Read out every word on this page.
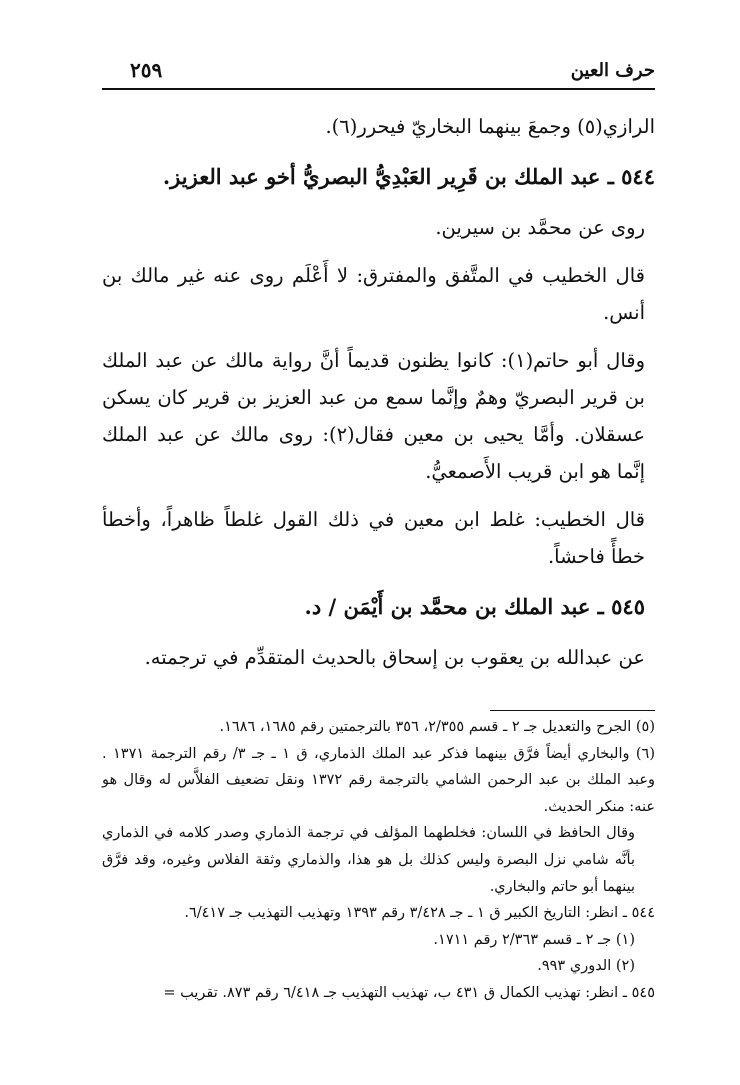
حرف العين
٢٥٩

الرازي(٥) وجمعَ بينهما البخاريّ فيحرر(٦).

٥٤٤ ـ عبد الملك بن قَرِير العَبْدِيُّ البصريُّ أخو عبد العزيز.

روى عن محمَّد بن سيرين.

قال الخطيب في المتَّفق والمفترق: لا أَعْلَم روى عنه غير مالك بن أنس.

وقال أبو حاتم(١): كانوا يظنون قديماً أنَّ رواية مالك عن عبد الملك بن قرير البصريّ وهمٌ وإنَّما سمع من عبد العزيز بن قرير كان يسكن عسقلان. وأمَّا يحيى بن معين فقال(٢): روى مالك عن عبد الملك إنَّما هو ابن قريب الأَصمعيُّ.

قال الخطيب: غلط ابن معين في ذلك القول غلطاً ظاهراً، وأخطأ خطأً فاحشاً.

٥٤٥ ـ عبد الملك بن محمَّد بن أَيْمَن / د.

عن عبدالله بن يعقوب بن إسحاق بالحديث المتقدِّم في ترجمته.

(٥) الجرح والتعديل جـ ٢ ـ قسم ٢/٣٥٥، ٣٥٦ بالترجمتين رقم ١٦٨٥، ١٦٨٦.

(٦) والبخاري أيضاً فرَّق بينهما فذكر عبد الملك الذماري، ق ١ ـ جـ ٣/ رقم الترجمة ١٣٧١ . وعبد الملك بن عبد الرحمن الشامي بالترجمة رقم ١٣٧٢ ونقل تضعيف الفلاَّس له وقال هو عنه: منكر الحديث.

وقال الحافظ في اللسان: فخلطهما المؤلف في ترجمة الذماري وصدر كلامه في الذماري بأنَّه شامي نزل البصرة وليس كذلك بل هو هذا، والذماري وثقة الفلاس وغيره، وقد فرَّق بينهما أبو حاتم والبخاري.

٥٤٤ ـ انظر: التاريخ الكبير ق ١ ـ جـ ٣/٤٢٨ رقم ١٣٩٣ وتهذيب التهذيب جـ ٦/٤١٧.

(١) جـ ٢ ـ قسم ٢/٣٦٣ رقم ١٧١١.

(٢) الدوري ٩٩٣.

٥٤٥ ـ انظر: تهذيب الكمال ق ٤٣١ ب، تهذيب التهذيب جـ ٦/٤١٨ رقم ٨٧٣. تقريب =
